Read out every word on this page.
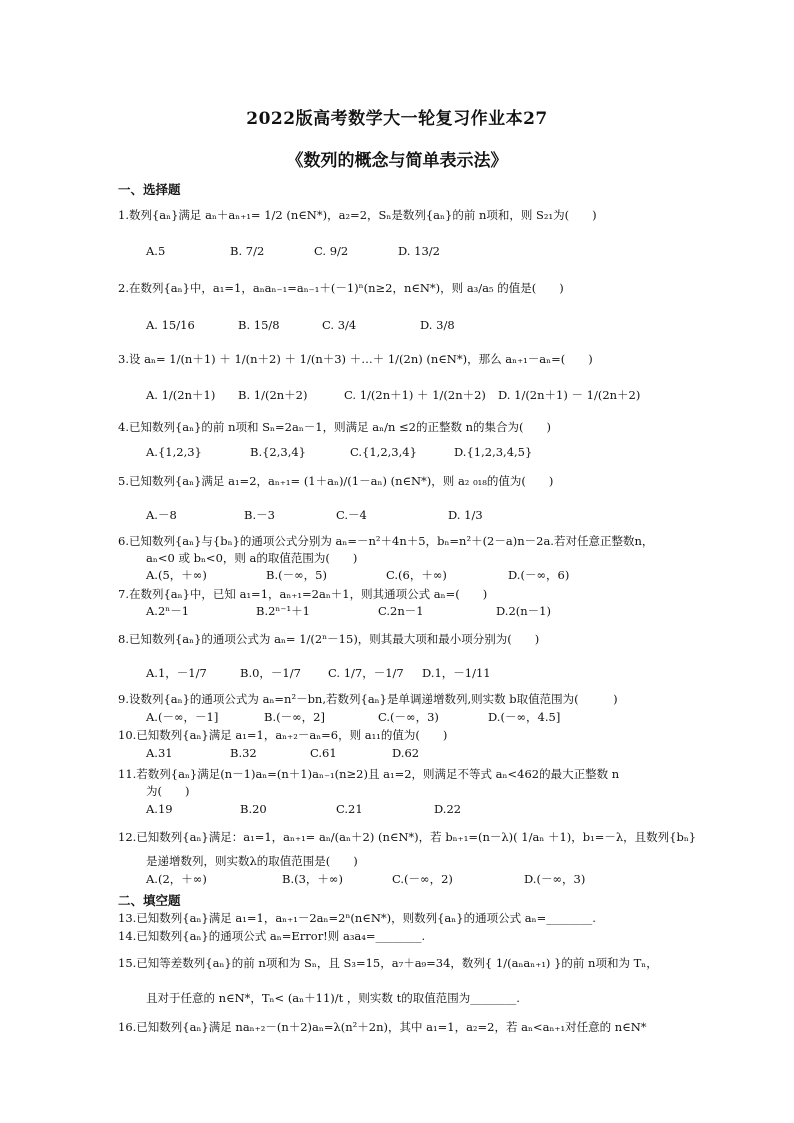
2022版高考数学大一轮复习作业本27
《数列的概念与简单表示法》
一、选择题
1.数列{aₙ}满足 aₙ＋aₙ₊₁= 1/2 (n∈N*)，a₂=2，Sₙ是数列{aₙ}的前 n项和，则 S₂₁为(　　)
A.5	B. 7/2	C. 9/2	D. 13/2
2.在数列{aₙ}中，a₁=1，aₙaₙ₋₁=aₙ₋₁＋(－1)ⁿ(n≥2，n∈N*)，则 a₃/a₅ 的值是(　　)
A. 15/16	B. 15/8	C. 3/4	D. 3/8
3.设 aₙ= 1/(n＋1) ＋ 1/(n＋2) ＋ 1/(n＋3) ＋…＋ 1/(2n) (n∈N*)，那么 aₙ₊₁－aₙ=(　　)
A. 1/(2n＋1) B. 1/(2n＋2)	C. 1/(2n＋1) ＋ 1/(2n＋2) D. 1/(2n＋1) － 1/(2n＋2)
4.已知数列{aₙ}的前 n项和 Sₙ=2aₙ－1，则满足 aₙ/n ≤2的正整数 n的集合为(　　)
A.{1,2,3}	B.{2,3,4}	C.{1,2,3,4}	D.{1,2,3,4,5}
5.已知数列{aₙ}满足 a₁=2，aₙ₊₁= (1＋aₙ)/(1－aₙ) (n∈N*)，则 a₂ ₀₁₈的值为(　　)
A.－8	B.－3	C.－4	D. 1/3
6.已知数列{aₙ}与{bₙ}的通项公式分别为 aₙ=－n²＋4n＋5，bₙ=n²＋(2－a)n－2a.若对任意正整数n，
aₙ<0 或 bₙ<0，则 a的取值范围为(　　)
A.(5，＋∞)	B.(－∞，5)	C.(6，＋∞)	D.(－∞，6)
7.在数列{aₙ}中，已知 a₁=1，aₙ₊₁=2aₙ＋1，则其通项公式 aₙ=(　　)
A.2ⁿ－1	B.2ⁿ⁻¹＋1	C.2n－1	D.2(n－1)
8.已知数列{aₙ}的通项公式为 aₙ= 1/(2ⁿ－15)，则其最大项和最小项分别为(　　)
A.1，－1/7	B.0，－1/7 C. 1/7，－1/7 D.1，－1/11
9.设数列{aₙ}的通项公式为 aₙ=n²－bn,若数列{aₙ}是单调递增数列,则实数 b取值范围为(　　　)
A.(－∞，－1]	B.(－∞，2]	C.(－∞，3)	D.(－∞，4.5]
10.已知数列{aₙ}满足 a₁=1，aₙ₊₂－aₙ=6，则 a₁₁的值为(　　)
A.31	B.32	C.61	D.62
11.若数列{aₙ}满足(n－1)aₙ=(n＋1)aₙ₋₁(n≥2)且 a₁=2，则满足不等式 aₙ<462的最大正整数 n
为(　　)
A.19	B.20	C.21	D.22
12.已知数列{aₙ}满足：a₁=1，aₙ₊₁= aₙ/(aₙ＋2) (n∈N*)，若 bₙ₊₁=(n－λ)( 1/aₙ ＋1)，b₁=－λ，且数列{bₙ}
是递增数列，则实数λ的取值范围是(　　)
A.(2，＋∞)	B.(3，＋∞)	C.(－∞，2)	D.(－∞，3)
二、填空题
13.已知数列{aₙ}满足 a₁=1，aₙ₊₁－2aₙ=2ⁿ(n∈N*)，则数列{aₙ}的通项公式 aₙ=________.
14.已知数列{aₙ}的通项公式 aₙ=Error!则 a₃a₄=________.
15.已知等差数列{aₙ}的前 n项和为 Sₙ，且 S₃=15，a₇＋a₉=34，数列{ 1/(aₙaₙ₊₁) }的前 n项和为 Tₙ，
且对于任意的 n∈N*，Tₙ< (aₙ＋11)/t ，则实数 t的取值范围为________.
16.已知数列{aₙ}满足 naₙ₊₂－(n＋2)aₙ=λ(n²＋2n)，其中 a₁=1，a₂=2，若 aₙ<aₙ₊₁对任意的 n∈N*
